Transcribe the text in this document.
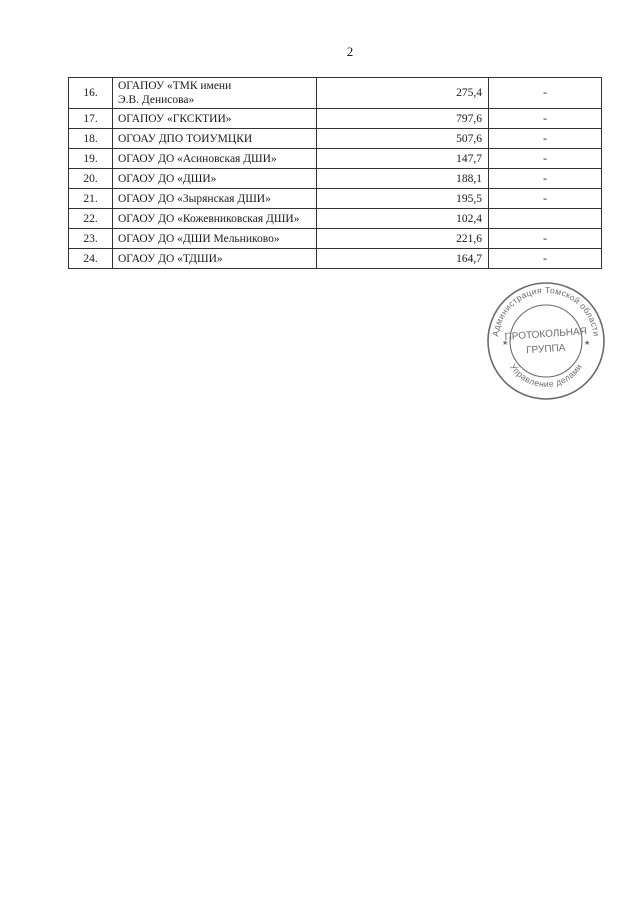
2
16.	ОГАПОУ «ТМК имени
Э.В. Денисова»	275,4	-
17.	ОГАПОУ «ГКСКТИИ»	797,6	-
18.	ОГОАУ ДПО ТОИУМЦКИ	507,6	-
19.	ОГАОУ ДО «Асиновская ДШИ»	147,7	-
20.	ОГАОУ ДО «ДШИ»	188,1	-
21.	ОГАОУ ДО «Зырянская ДШИ»	195,5	-
22.	ОГАОУ ДО «Кожевниковская ДШИ»	102,4	
23.	ОГАОУ ДО «ДШИ Мельниково»	221,6	-
24.	ОГАОУ ДО «ТДШИ»	164,7	-
Администрация Томской области
Управление делами
ПРОТОКОЛЬНАЯ
ГРУППА
★	★
